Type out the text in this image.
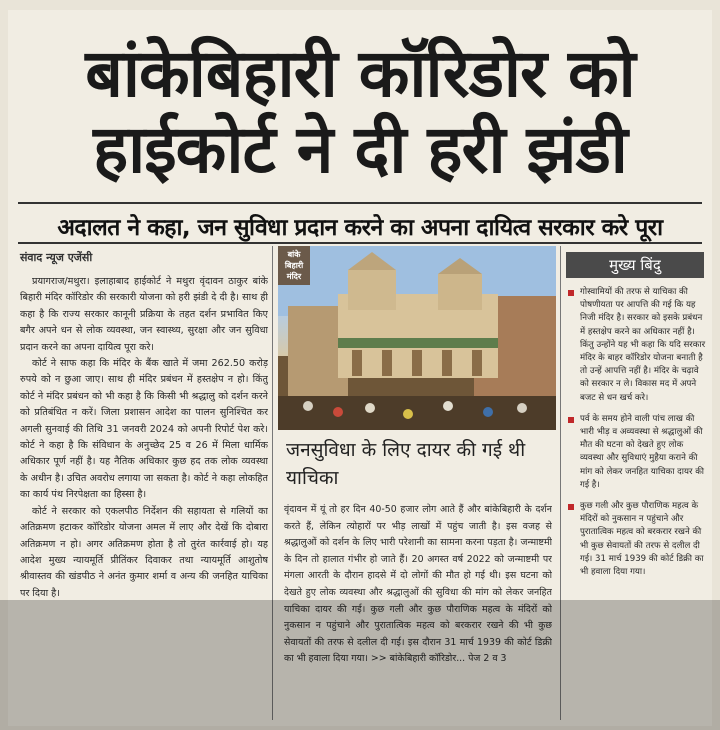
बांकेबिहारी कॉरिडोर को
हाईकोर्ट ने दी हरी झंडी
अदालत ने कहा, जन सुविधा प्रदान करने का अपना दायित्व सरकार करे पूरा
संवाद न्यूज एजेंसी

प्रयागराज/मथुरा। इलाहाबाद हाईकोर्ट ने मथुरा वृंदावन ठाकुर बांके बिहारी मंदिर कॉरिडोर की सरकारी योजना को हरी झंडी दे दी है। साथ ही कहा है कि राज्य सरकार कानूनी प्रक्रिया के तहत दर्शन प्रभावित किए बगैर अपने धन से लोक व्यवस्था, जन स्वास्थ्य, सुरक्षा और जन सुविधा प्रदान करने का अपना दायित्व पूरा करे।

कोर्ट ने साफ कहा कि मंदिर के बैंक खाते में जमा 262.50 करोड़ रुपये को न छुआ जाए। साथ ही मंदिर प्रबंधन में हस्तक्षेप न हो। किंतु कोर्ट ने मंदिर प्रबंधन को भी कहा है कि किसी भी श्रद्धालु को दर्शन करने को प्रतिबंधित न करें। जिला प्रशासन आदेश का पालन सुनिश्चित कर अगली सुनवाई की तिथि 31 जनवरी 2024 को अपनी रिपोर्ट पेश करे। कोर्ट ने कहा है कि संविधान के अनुच्छेद 25 व 26 में मिला धार्मिक अधिकार पूर्ण नहीं है। यह नैतिक अधिकार कुछ हद तक लोक व्यवस्था के अधीन है। उचित अवरोध लगाया जा सकता है। कोर्ट ने कहा लोकहित का कार्य पंथ निरपेक्षता का हिस्सा है।

कोर्ट ने सरकार को एकलपीठ निर्देशन की सहायता से गलियों का अतिक्रमण हटाकर कॉरिडोर योजना अमल में लाए और देखें कि दोबारा अतिक्रमण न हो। अगर अतिक्रमण होता है तो तुरंत कार्रवाई हो। यह आदेश मुख्य न्यायमूर्ति प्रीतिंकर दिवाकर तथा न्यायमूर्ति आशुतोष श्रीवास्तव की खंडपीठ ने अनंत कुमार शर्मा व अन्य की जनहित याचिका पर दिया है।

बांके बिहारी मंदिर
जनसुविधा के लिए दायर की गई थी याचिका
वृंदावन में यूं तो हर दिन 40-50 हजार लोग आते हैं और बांकेबिहारी के दर्शन करते हैं, लेकिन त्योहारों पर भीड़ लाखों में पहुंच जाती है। इस वजह से श्रद्धालुओं को दर्शन के लिए भारी परेशानी का सामना करना पड़ता है। जन्माष्टमी के दिन तो हालात गंभीर हो जाते हैं। 20 अगस्त वर्ष 2022 को जन्माष्टमी पर मंगला आरती के दौरान हादसे में दो लोगों की मौत हो गई थी। इस घटना को देखते हुए लोक व्यवस्था और श्रद्धालुओं की सुविधा की मांग को लेकर जनहित याचिका दायर की गई। कुछ गली और कुछ पौराणिक महत्व के मंदिरों को नुकसान न पहुंचाने और पुरातात्विक महत्व को बरकरार रखने की भी कुछ सेवायतों की तरफ से दलील दी गई। इस दौरान 31 मार्च 1939 की कोर्ट डिक्री का भी हवाला दिया गया। >> बांकेबिहारी कॉरिडोर... पेज 2 व 3
मुख्य बिंदु
गोस्वामियों की तरफ से याचिका की पोषणीयता पर आपत्ति की गई कि यह निजी मंदिर है। सरकार को इसके प्रबंधन में हस्तक्षेप करने का अधिकार नहीं है। किंतु उन्होंने यह भी कहा कि यदि सरकार मंदिर के बाहर कॉरिडोर योजना बनाती है तो उन्हें आपत्ति नहीं है। मंदिर के चढ़ावे को सरकार न ले। विकास मद में अपने बजट से धन खर्च करे।
पर्व के समय होने वाली पांच लाख की भारी भीड़ व अव्यवस्था से श्रद्धालुओं की मौत की घटना को देखते हुए लोक व्यवस्था और सुविधाएं मुहैया कराने की मांग को लेकर जनहित याचिका दायर की गई है।
कुछ गली और कुछ पौराणिक महत्व के मंदिरों को नुकसान न पहुंचाने और पुरातात्विक महत्व को बरकरार रखने की भी कुछ सेवायतों की तरफ से दलील दी गई। 31 मार्च 1939 की कोर्ट डिक्री का भी हवाला दिया गया।
